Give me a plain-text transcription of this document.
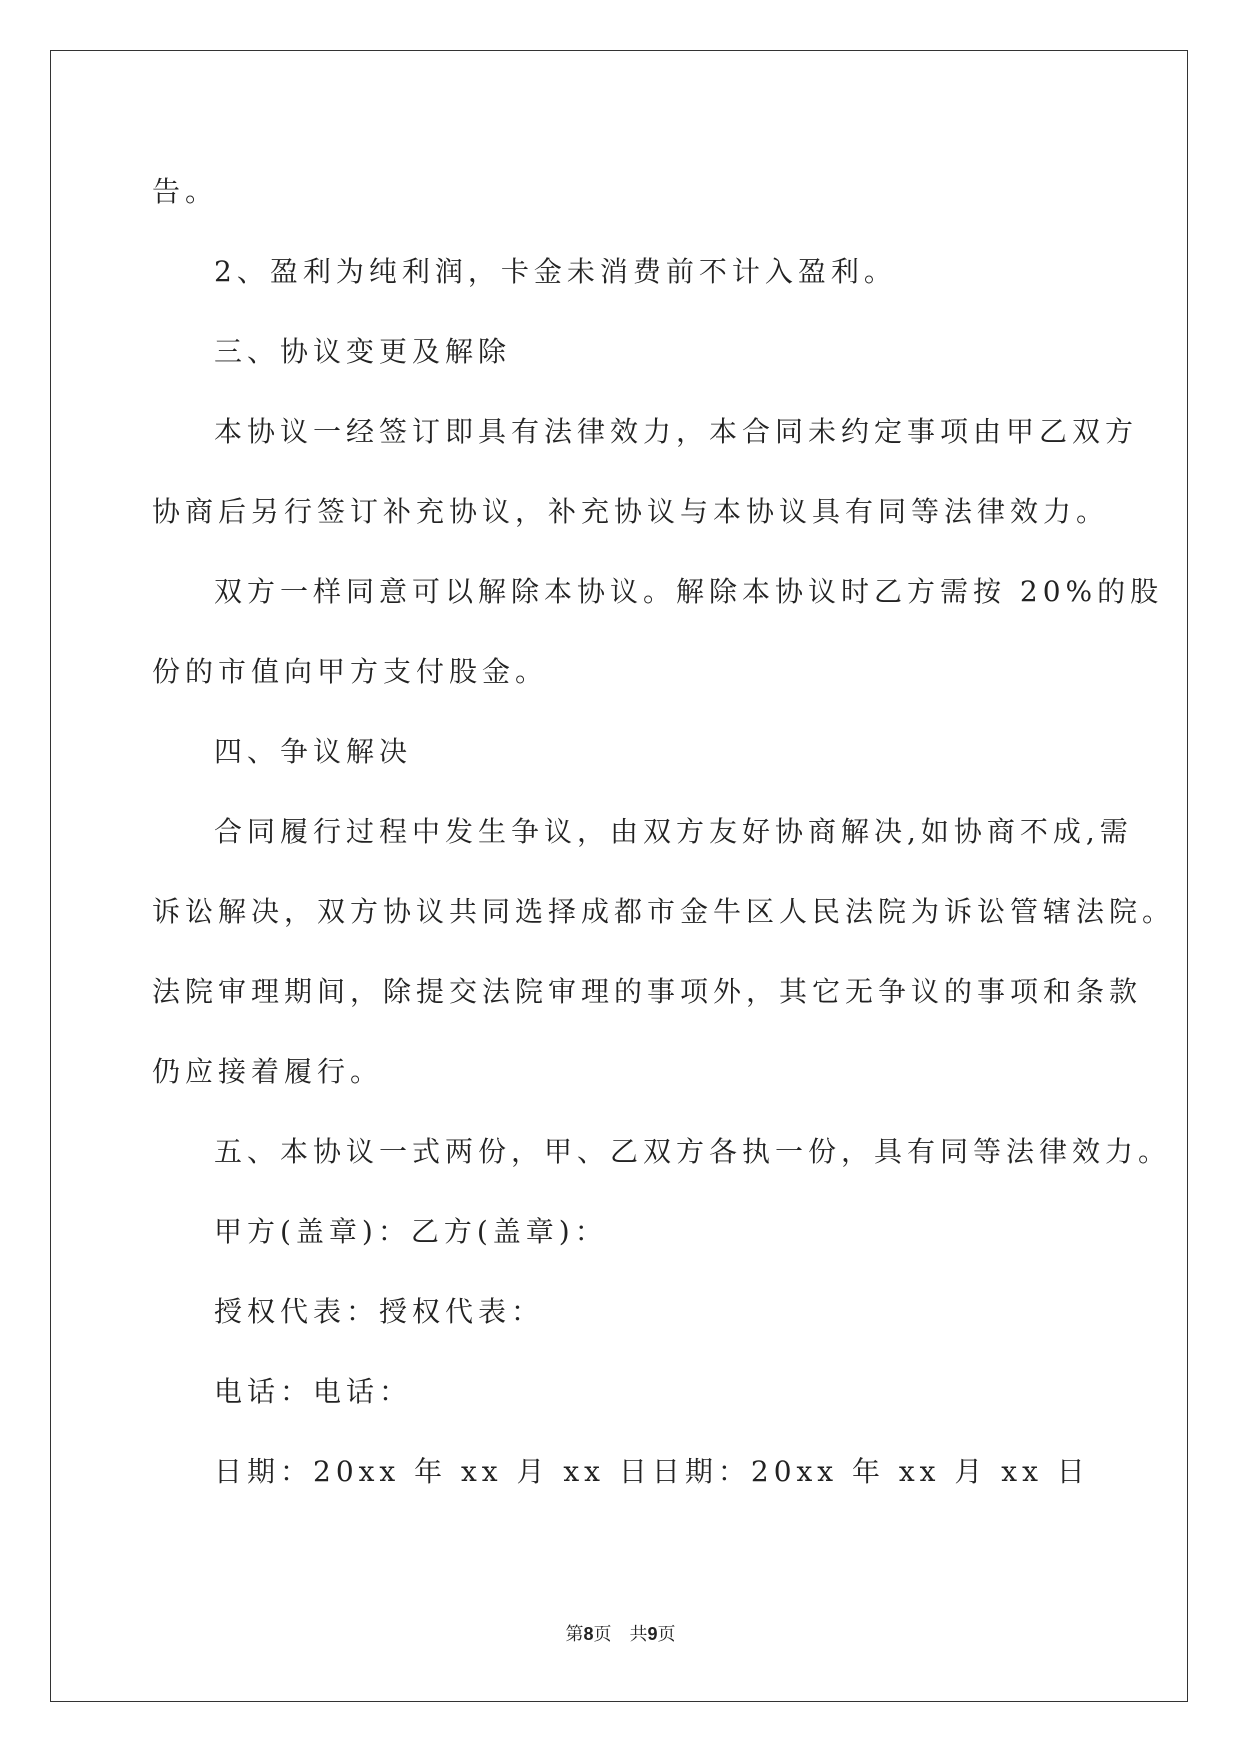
告。

2、盈利为纯利润，卡金未消费前不计入盈利。

三、协议变更及解除

本协议一经签订即具有法律效力，本合同未约定事项由甲乙双方

协商后另行签订补充协议，补充协议与本协议具有同等法律效力。

双方一样同意可以解除本协议。解除本协议时乙方需按 20%的股

份的市值向甲方支付股金。

四、争议解决

合同履行过程中发生争议，由双方友好协商解决,如协商不成,需

诉讼解决，双方协议共同选择成都市金牛区人民法院为诉讼管辖法院。

法院审理期间，除提交法院审理的事项外，其它无争议的事项和条款

仍应接着履行。

五、本协议一式两份，甲、乙双方各执一份，具有同等法律效力。

甲方(盖章)：乙方(盖章)：

授权代表：授权代表：

电话：电话：

日期：20xx 年 xx 月 xx 日日期：20xx 年 xx 月 xx 日

第8页 共9页
